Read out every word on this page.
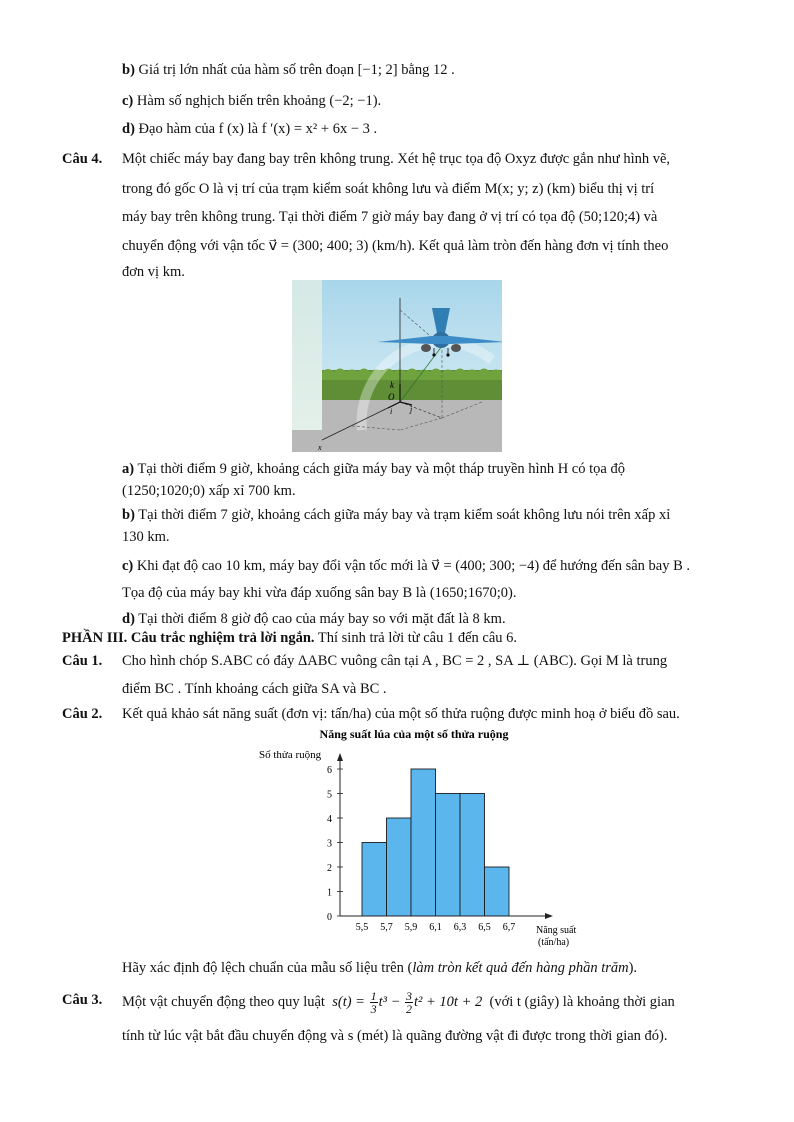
b) Giá trị lớn nhất của hàm số trên đoạn [−1; 2] bằng 12 .
c) Hàm số nghịch biến trên khoảng (−2; −1).
d) Đạo hàm của f (x) là f ′(x) = x² + 6x − 3 .
Câu 4. Một chiếc máy bay đang bay trên không trung. Xét hệ trục tọa độ Oxyz được gắn như hình vẽ,
trong đó gốc O là vị trí của trạm kiểm soát không lưu và điểm M(x; y; z) (km) biểu thị vị trí
máy bay trên không trung. Tại thời điểm 7 giờ máy bay đang ở vị trí có tọa độ (50;120;4) và
chuyển động với vận tốc v⃗ = (300; 400; 3) (km/h). Kết quả làm tròn đến hàng đơn vị tính theo
đơn vị km.
k⃗
O
i j
x
a) Tại thời điểm 9 giờ, khoảng cách giữa máy bay và một tháp truyền hình H có tọa độ
(1250;1020;0) xấp xỉ 700 km.
b) Tại thời điểm 7 giờ, khoảng cách giữa máy bay và trạm kiểm soát không lưu nói trên xấp xỉ
130 km.
c) Khi đạt độ cao 10 km, máy bay đổi vận tốc mới là v⃗ = (400; 300; −4) để hướng đến sân bay B .
Tọa độ của máy bay khi vừa đáp xuống sân bay B là (1650;1670;0).
d) Tại thời điểm 8 giờ độ cao của máy bay so với mặt đất là 8 km.
PHẦN III. Câu trắc nghiệm trả lời ngắn. Thí sinh trả lời từ câu 1 đến câu 6.
Câu 1. Cho hình chóp S.ABC có đáy ΔABC vuông cân tại A , BC = 2 , SA ⊥ (ABC). Gọi M là trung
điểm BC . Tính khoảng cách giữa SA và BC .
Câu 2. Kết quả khảo sát năng suất (đơn vị: tấn/ha) của một số thửa ruộng được minh hoạ ở biểu đồ sau.
Năng suất lúa của một số thửa ruộng
Số thửa ruộng
0
1
2
3
4
5
6
5,5 5,7 5,9 6,1 6,3 6,5 6,7 Năng suất
(tấn/ha)
Hãy xác định độ lệch chuẩn của mẫu số liệu trên (làm tròn kết quả đến hàng phần trăm).
Câu 3. Một vật chuyển động theo quy luật  $s(t) = \frac{1}{3} t^3 - \frac{3}{2} t^2 + 10t + 2$  (với t (giây) là khoảng thời gian
tính từ lúc vật bắt đầu chuyển động và s (mét) là quãng đường vật đi được trong thời gian đó).
